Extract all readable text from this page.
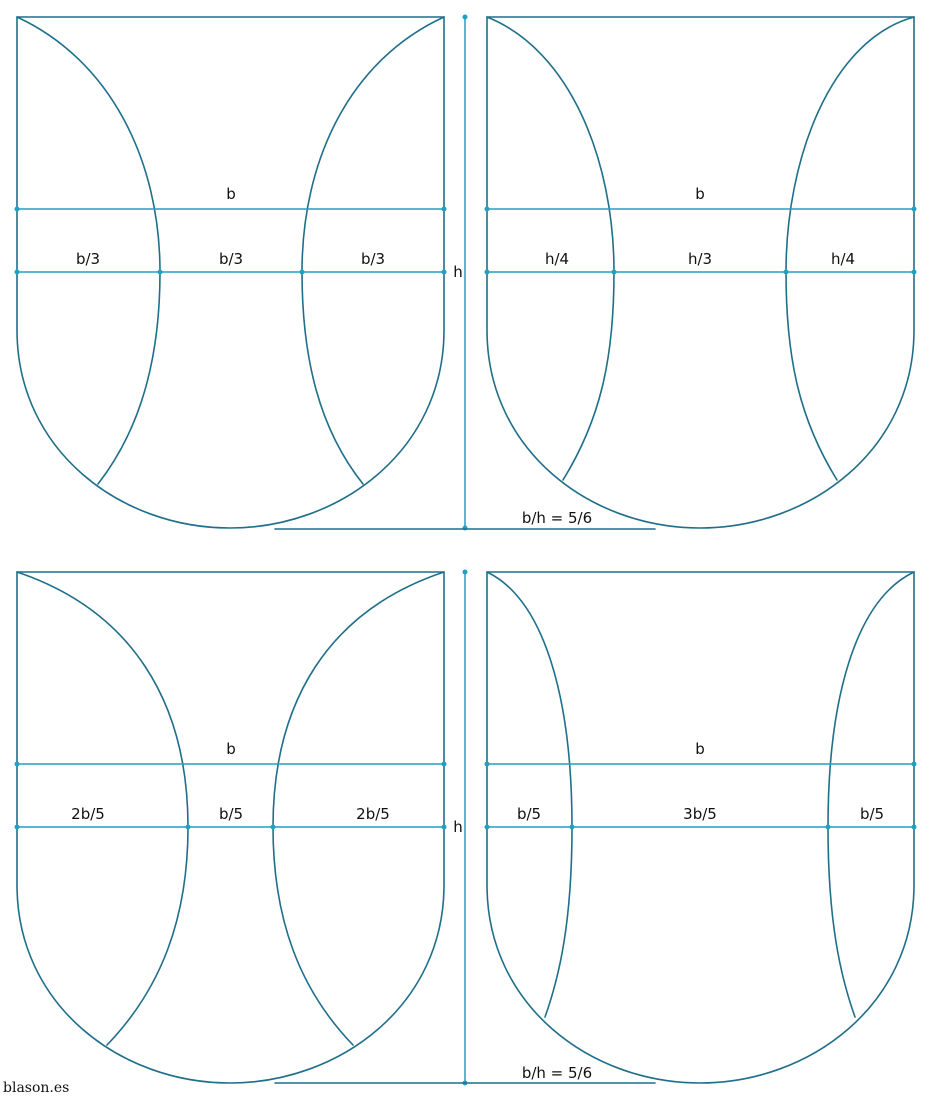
b
b/3	b/3	b/3
b
h/4	h/3	h/4
h
b/h = 5/6
b
2b/5	b/5	2b/5
b
b/5	3b/5	b/5
h
b/h = 5/6
blason.es
